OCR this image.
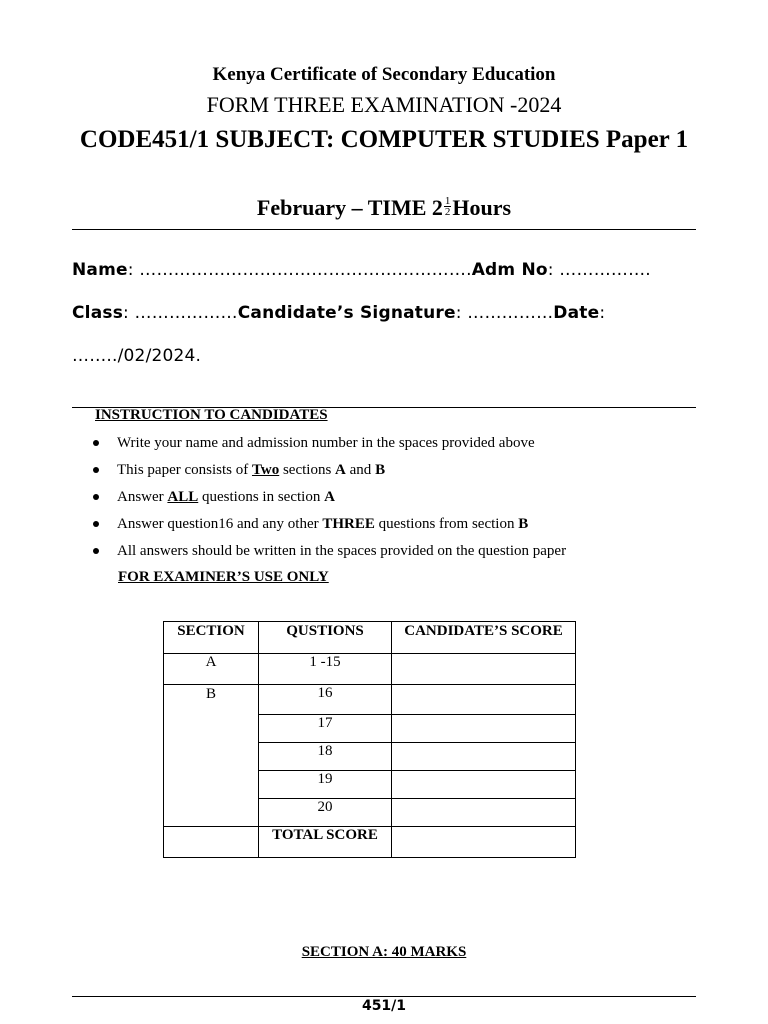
Kenya Certificate of Secondary Education
FORM THREE EXAMINATION -2024
CODE451/1 SUBJECT: COMPUTER STUDIES Paper 1
February – TIME $2 \frac{1}{2}$ Hours
Name: ………………………………………………….Adm No: …………….
Class: ………………Candidate’s Signature: ……………Date:
……../02/2024.
INSTRUCTION TO CANDIDATES
Write your name and admission number in the spaces provided above
This paper consists of Two sections A and B
Answer ALL questions in section A
Answer question16 and any other THREE questions from section B
All answers should be written in the spaces provided on the question paper
FOR EXAMINER’S USE ONLY
SECTION	QUSTIONS	CANDIDATE’S SCORE
A	1 -15	
B	16	
	17	
	18	
	19	
	20	
	TOTAL SCORE	
SECTION A: 40 MARKS
451/1
